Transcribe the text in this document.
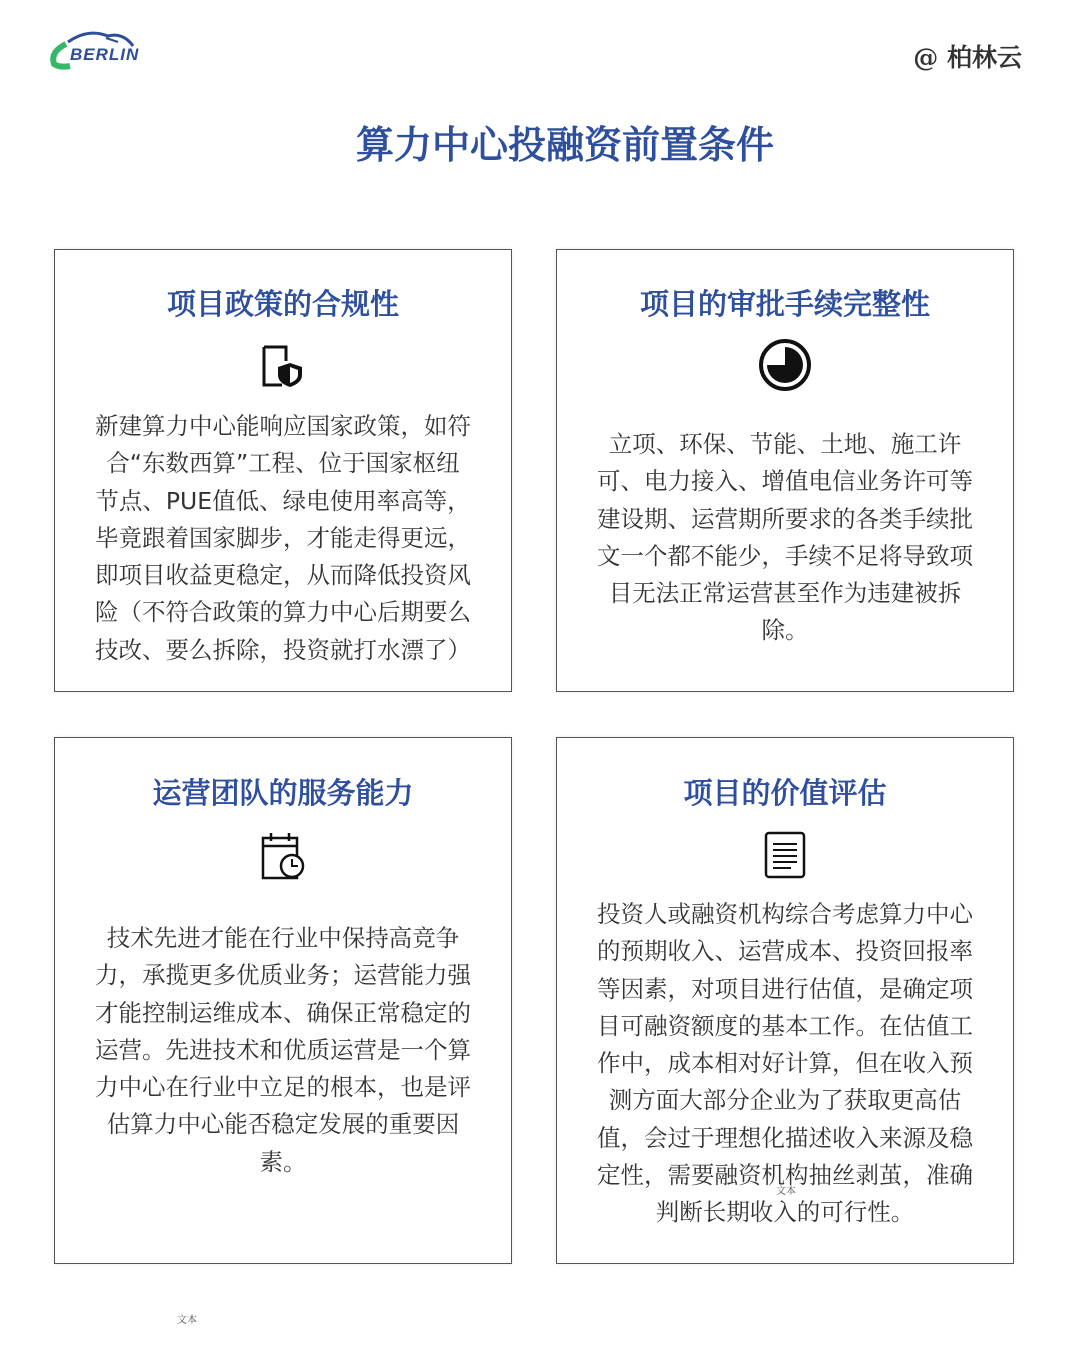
BERLIN	@ 柏林云
算力中心投融资前置条件
项目政策的合规性
新建算力中心能响应国家政策，如符
合“东数西算”工程、位于国家枢纽
节点、PUE值低、绿电使用率高等，
毕竟跟着国家脚步，才能走得更远，
即项目收益更稳定，从而降低投资风
险（不符合政策的算力中心后期要么
技改、要么拆除，投资就打水漂了）
项目的审批手续完整性
立项、环保、节能、土地、施工许
可、电力接入、增值电信业务许可等
建设期、运营期所要求的各类手续批
文一个都不能少，手续不足将导致项
目无法正常运营甚至作为违建被拆
除。
运营团队的服务能力
技术先进才能在行业中保持高竞争
力，承揽更多优质业务；运营能力强
才能控制运维成本、确保正常稳定的
运营。先进技术和优质运营是一个算
力中心在行业中立足的根本，也是评
估算力中心能否稳定发展的重要因
素。
项目的价值评估
投资人或融资机构综合考虑算力中心
的预期收入、运营成本、投资回报率
等因素，对项目进行估值，是确定项
目可融资额度的基本工作。在估值工
作中，成本相对好计算，但在收入预
测方面大部分企业为了获取更高估
值，会过于理想化描述收入来源及稳
定性，需要融资机构抽丝剥茧，准确
判断长期收入的可行性。
文本
文本
